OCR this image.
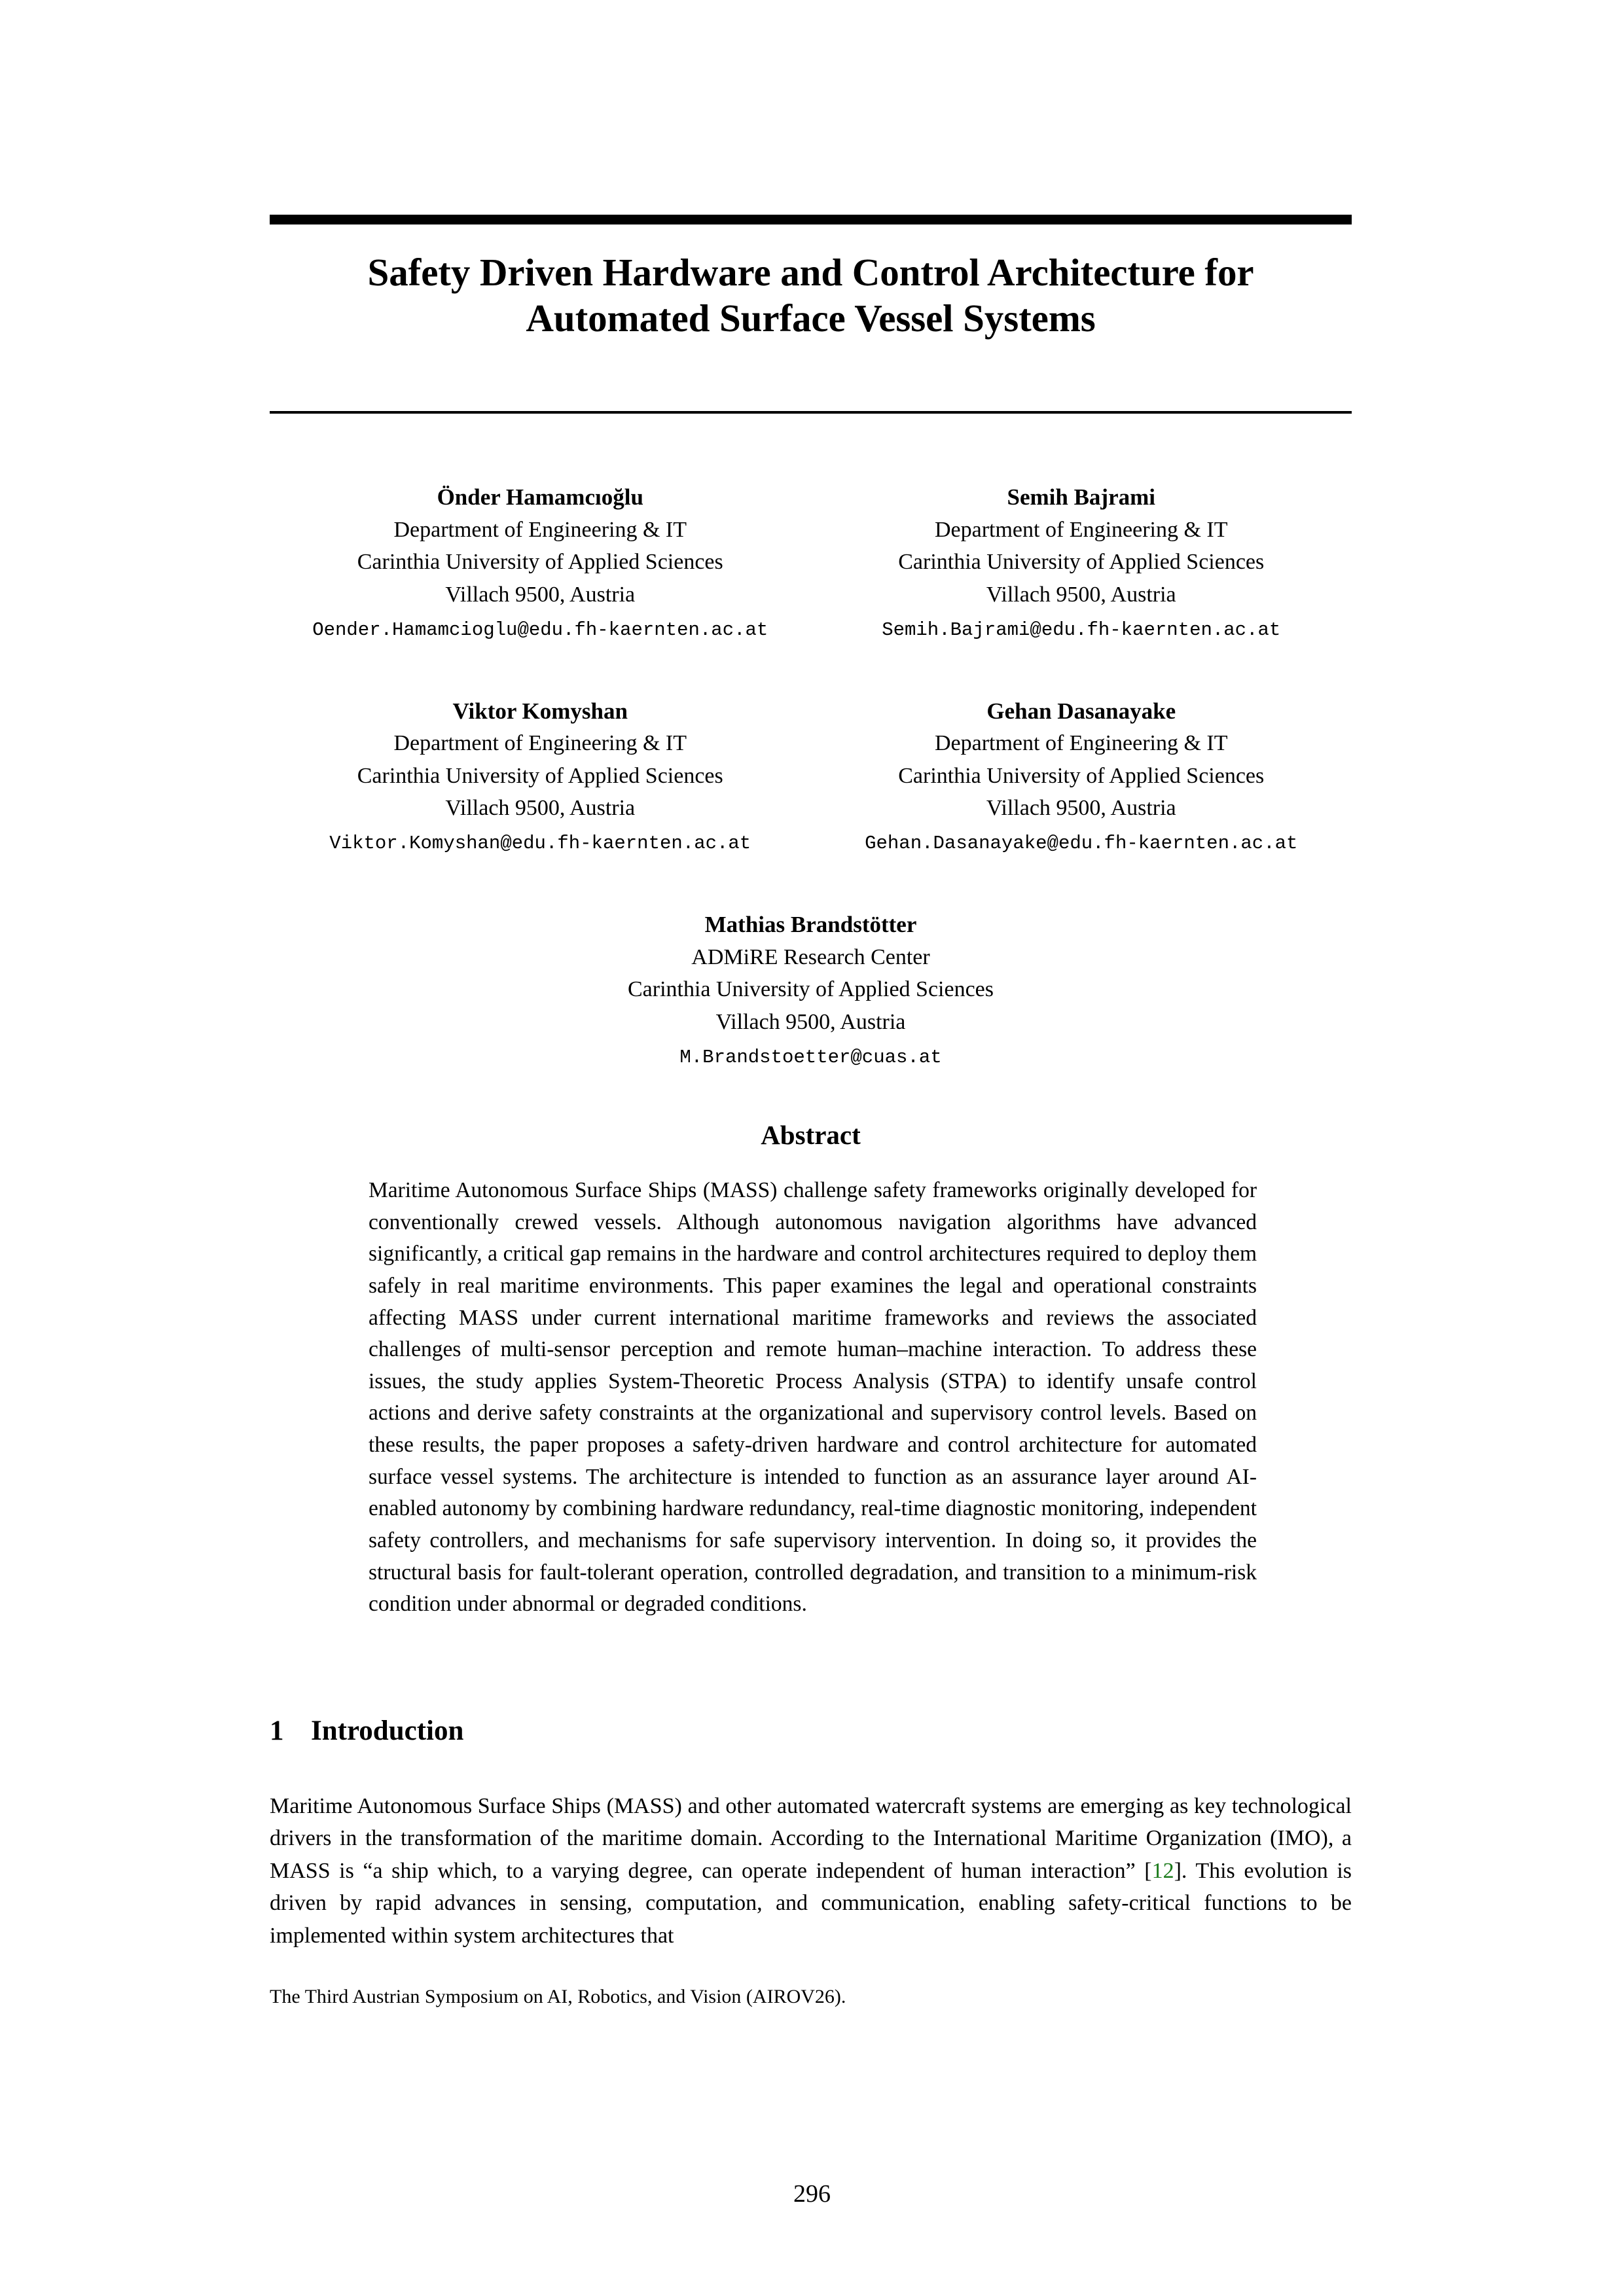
Safety Driven Hardware and Control Architecture for
Automated Surface Vessel Systems
Önder Hamamcıoğlu
Department of Engineering & IT
Carinthia University of Applied Sciences
Villach 9500, Austria
Oender.Hamamcioglu@edu.fh-kaernten.ac.at
Semih Bajrami
Department of Engineering & IT
Carinthia University of Applied Sciences
Villach 9500, Austria
Semih.Bajrami@edu.fh-kaernten.ac.at
Viktor Komyshan
Department of Engineering & IT
Carinthia University of Applied Sciences
Villach 9500, Austria
Viktor.Komyshan@edu.fh-kaernten.ac.at
Gehan Dasanayake
Department of Engineering & IT
Carinthia University of Applied Sciences
Villach 9500, Austria
Gehan.Dasanayake@edu.fh-kaernten.ac.at
Mathias Brandstötter
ADMiRE Research Center
Carinthia University of Applied Sciences
Villach 9500, Austria
M.Brandstoetter@cuas.at
Abstract
Maritime Autonomous Surface Ships (MASS) challenge safety frameworks originally developed for conventionally crewed vessels. Although autonomous navigation algorithms have advanced significantly, a critical gap remains in the hardware and control architectures required to deploy them safely in real maritime environments. This paper examines the legal and operational constraints affecting MASS under current international maritime frameworks and reviews the associated challenges of multi-sensor perception and remote human–machine interaction. To address these issues, the study applies System-Theoretic Process Analysis (STPA) to identify unsafe control actions and derive safety constraints at the organizational and supervisory control levels. Based on these results, the paper proposes a safety-driven hardware and control architecture for automated surface vessel systems. The architecture is intended to function as an assurance layer around AI-enabled autonomy by combining hardware redundancy, real-time diagnostic monitoring, independent safety controllers, and mechanisms for safe supervisory intervention. In doing so, it provides the structural basis for fault-tolerant operation, controlled degradation, and transition to a minimum-risk condition under abnormal or degraded conditions.
1 Introduction
Maritime Autonomous Surface Ships (MASS) and other automated watercraft systems are emerging as key technological drivers in the transformation of the maritime domain. According to the International Maritime Organization (IMO), a MASS is “a ship which, to a varying degree, can operate independent of human interaction” [12]. This evolution is driven by rapid advances in sensing, computation, and communication, enabling safety-critical functions to be implemented within system architectures that
The Third Austrian Symposium on AI, Robotics, and Vision (AIROV26).
296
